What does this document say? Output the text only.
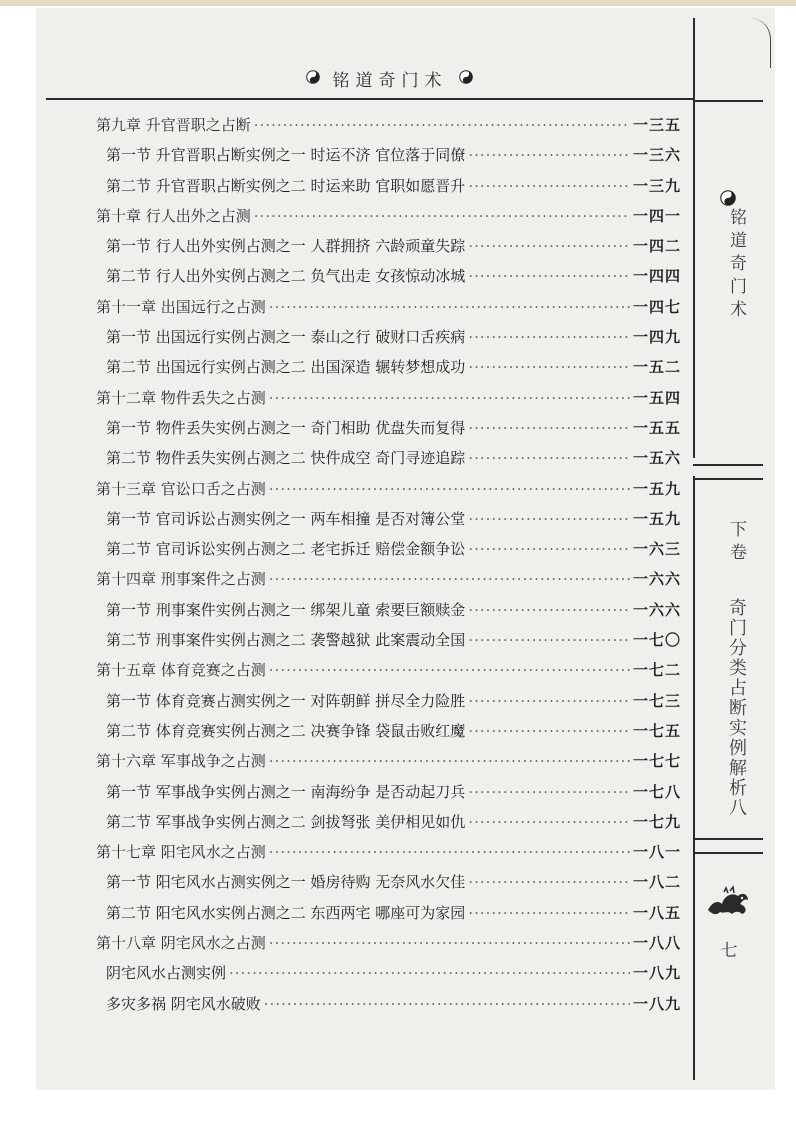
铭道奇门术
第九章 升官晋职之占断 ·····	一三五
第一节 升官晋职占断实例之一 时运不济 官位落于同僚 ·····	一三六
第二节 升官晋职占断实例之二 时运来助 官职如愿晋升 ·····	一三九
第十章 行人出外之占测 ·····	一四一
第一节 行人出外实例占测之一 人群拥挤 六龄顽童失踪 ·····	一四二
第二节 行人出外实例占测之二 负气出走 女孩惊动冰城 ·····	一四四
第十一章 出国远行之占测 ·····	一四七
第一节 出国远行实例占测之一 泰山之行 破财口舌疾病 ·····	一四九
第二节 出国远行实例占测之二 出国深造 辗转梦想成功 ·····	一五二
第十二章 物件丢失之占测 ·····	一五四
第一节 物件丢失实例占测之一 奇门相助 优盘失而复得 ·····	一五五
第二节 物件丢失实例占测之二 快件成空 奇门寻迹追踪 ·····	一五六
第十三章 官讼口舌之占测 ·····	一五九
第一节 官司诉讼占测实例之一 两车相撞 是否对簿公堂 ·····	一五九
第二节 官司诉讼实例占测之二 老宅拆迁 赔偿金额争讼 ·····	一六三
第十四章 刑事案件之占测 ·····	一六六
第一节 刑事案件实例占测之一 绑架儿童 索要巨额赎金 ·····	一六六
第二节 刑事案件实例占测之二 袭警越狱 此案震动全国 ·····	一七〇
第十五章 体育竞赛之占测 ·····	一七二
第一节 体育竞赛占测实例之一 对阵朝鲜 拼尽全力险胜 ·····	一七三
第二节 体育竞赛实例占测之二 决赛争锋 袋鼠击败红魔 ·····	一七五
第十六章 军事战争之占测 ·····	一七七
第一节 军事战争实例占测之一 南海纷争 是否动起刀兵 ·····	一七八
第二节 军事战争实例占测之二 剑拔弩张 美伊相见如仇 ·····	一七九
第十七章 阳宅风水之占测 ·····	一八一
第一节 阳宅风水占测实例之一 婚房待购 无奈风水欠佳 ·····	一八二
第二节 阳宅风水实例占测之二 东西两宅 哪座可为家园 ·····	一八五
第十八章 阴宅风水之占测 ·····	一八八
阴宅风水占测实例 ·····	一八九
多灾多祸 阴宅风水破败 ·····	一八九
铭道奇门术
下卷
奇门分类占断实例解析八
七
